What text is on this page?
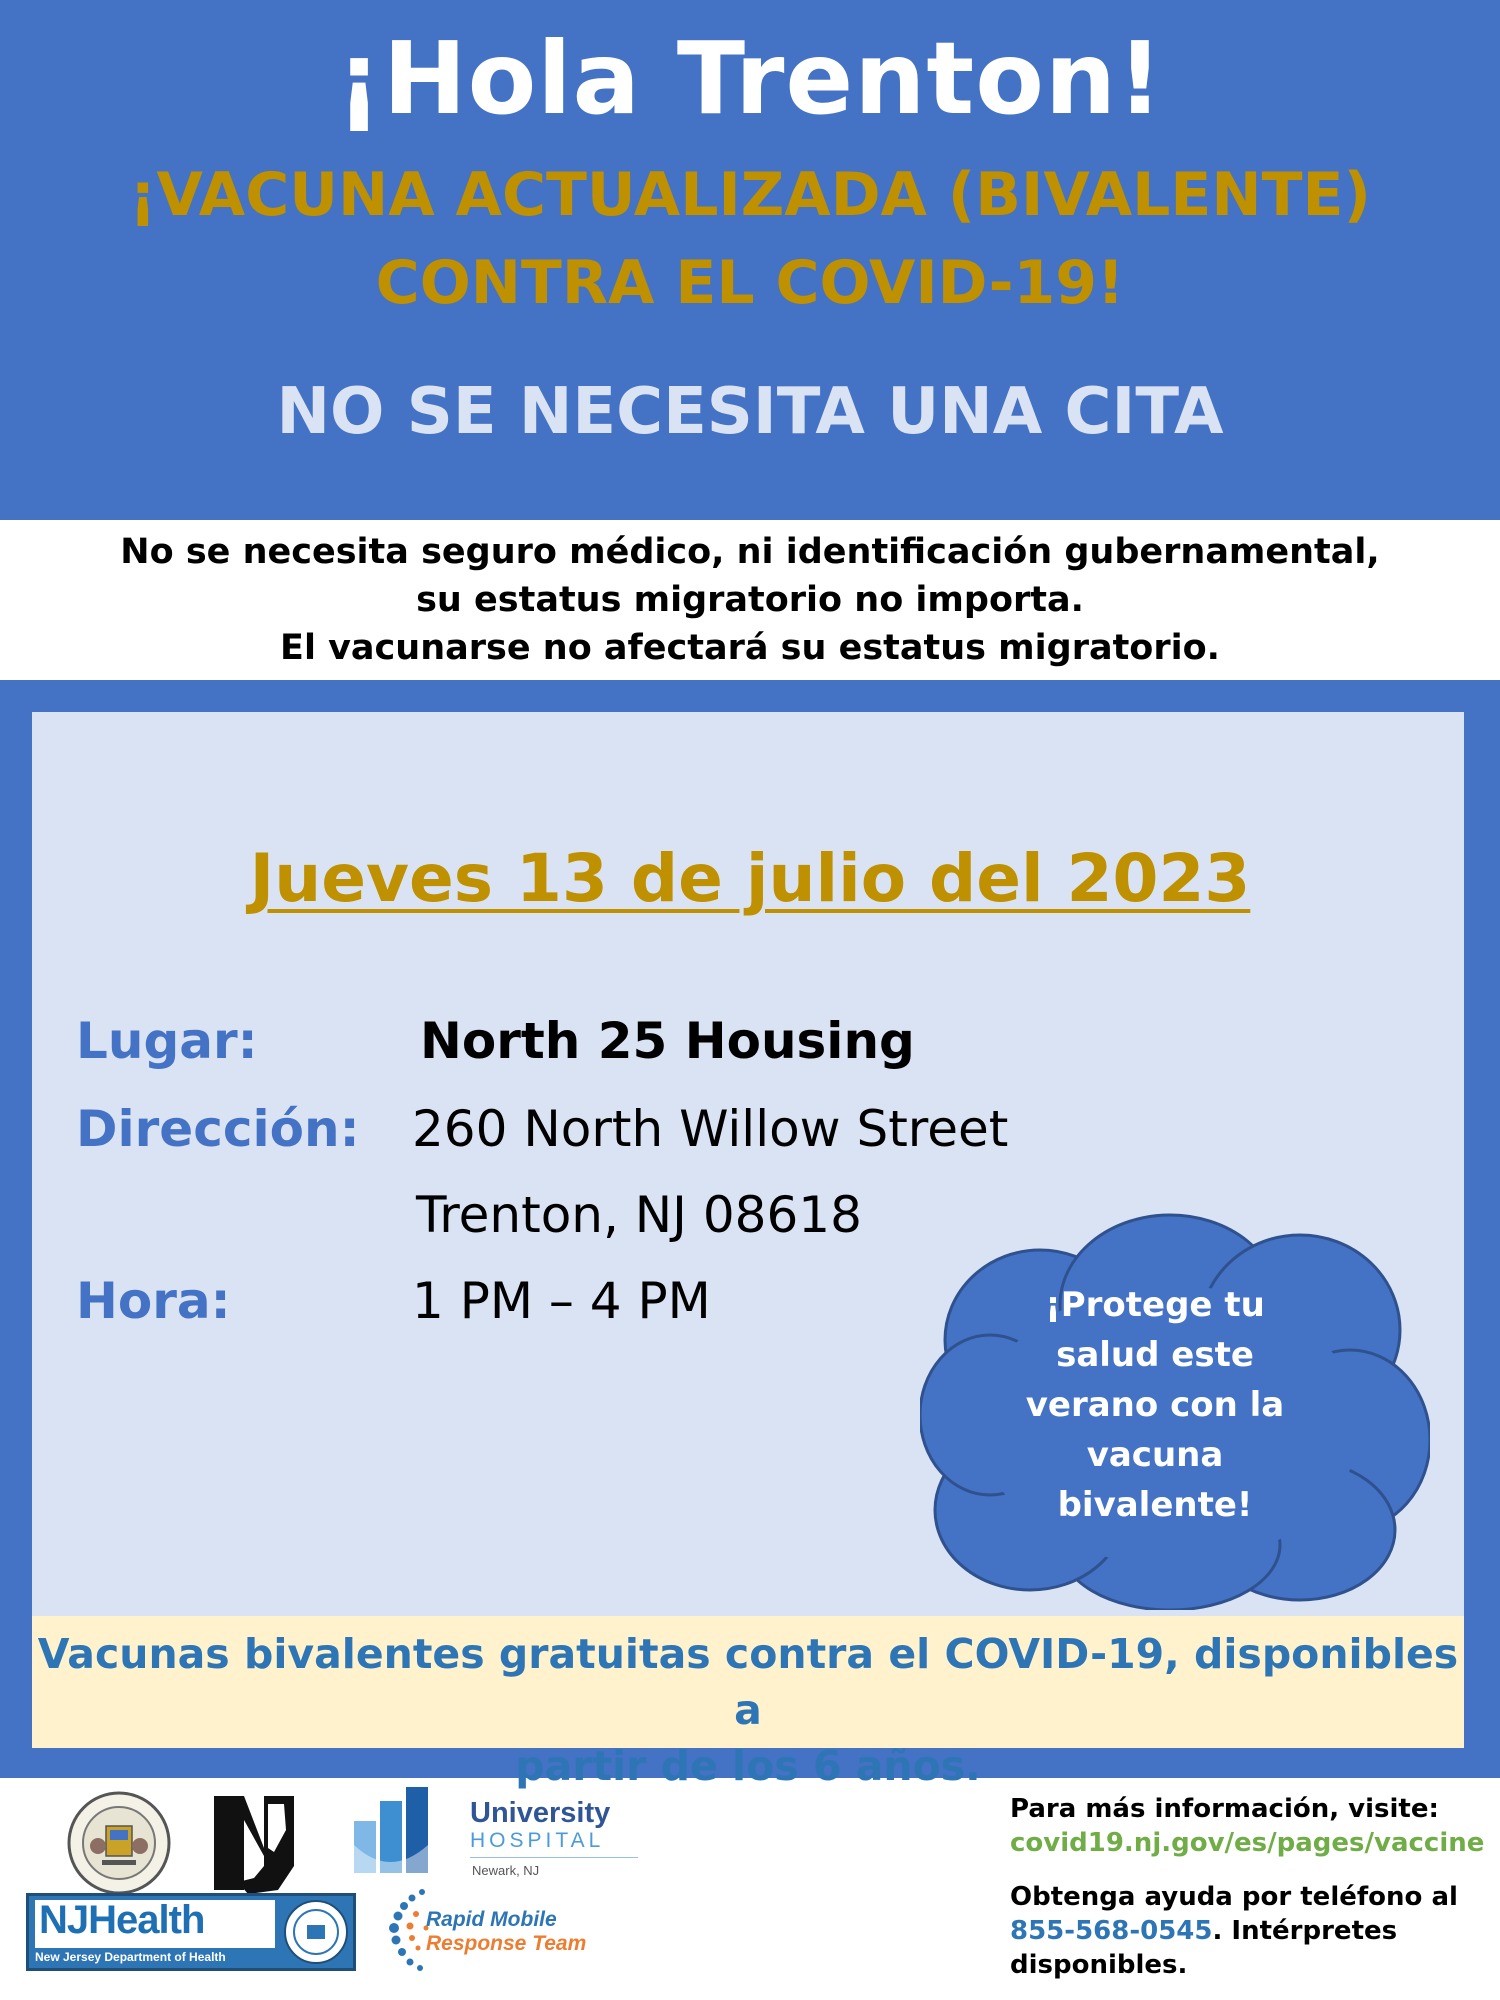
¡Hola Trenton!
¡VACUNA ACTUALIZADA (BIVALENTE)
CONTRA EL COVID-19!
NO SE NECESITA UNA CITA
No se necesita seguro médico, ni identificación gubernamental,
su estatus migratorio no importa.
El vacunarse no afectará su estatus migratorio.
Jueves 13 de julio del 2023
Lugar:	North 25 Housing
Dirección: 260 North Willow Street
Trenton, NJ 08618
Hora:	1 PM – 4 PM	¡Protege tu
salud este
verano con la
vacuna
bivalente!
Vacunas bivalentes gratuitas contra el COVID-19, disponibles a
partir de los 6 años.
University
HOSPITAL
Newark, NJ
NJHealth
New Jersey Department of Health
Rapid Mobile
Response Team
Para más información, visite:
covid19.nj.gov/es/pages/vaccine
Obtenga ayuda por teléfono al
855-568-0545. Intérpretes
disponibles.
